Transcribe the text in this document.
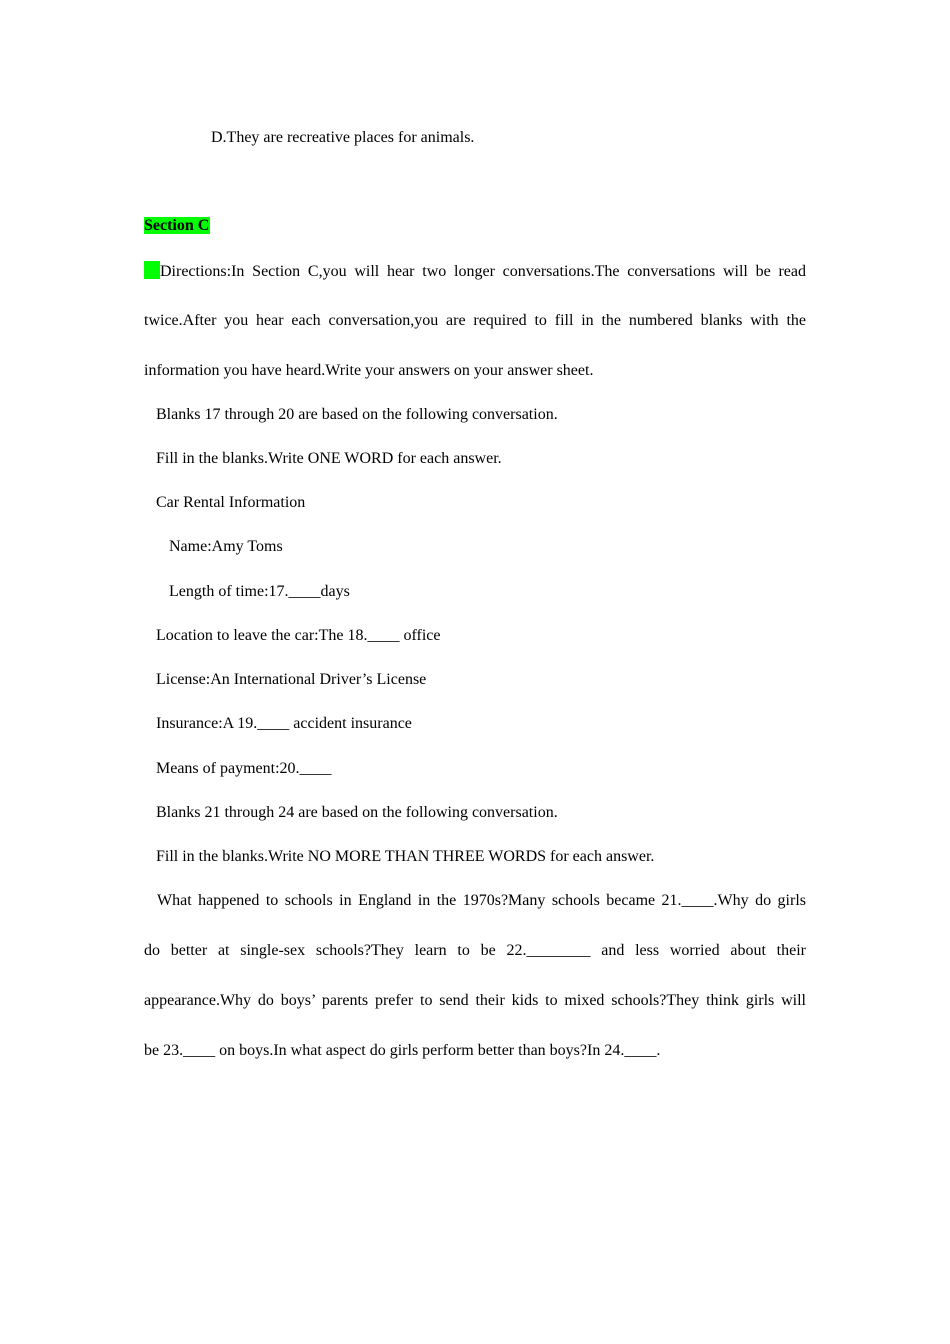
D.They are recreative places for animals.
Section C
Directions:In Section C,you will hear two longer conversations.The conversations will be read
twice.After you hear each conversation,you are required to fill in the numbered blanks with the
information you have heard.Write your answers on your answer sheet.
Blanks 17 through 20 are based on the following conversation.
Fill in the blanks.Write ONE WORD for each answer.
Car Rental Information
Name:Amy Toms
Length of time:17.____days
Location to leave the car:The 18.____ office
License:An International Driver’s License
Insurance:A 19.____ accident insurance
Means of payment:20.____
Blanks 21 through 24 are based on the following conversation.
Fill in the blanks.Write NO MORE THAN THREE WORDS for each answer.
What happened to schools in England in the 1970s?Many schools became 21.____.Why do girls
do better at single-sex schools?They learn to be 22.________ and less worried about their
appearance.Why do boys’ parents prefer to send their kids to mixed schools?They think girls will
be 23.____ on boys.In what aspect do girls perform better than boys?In 24.____.
